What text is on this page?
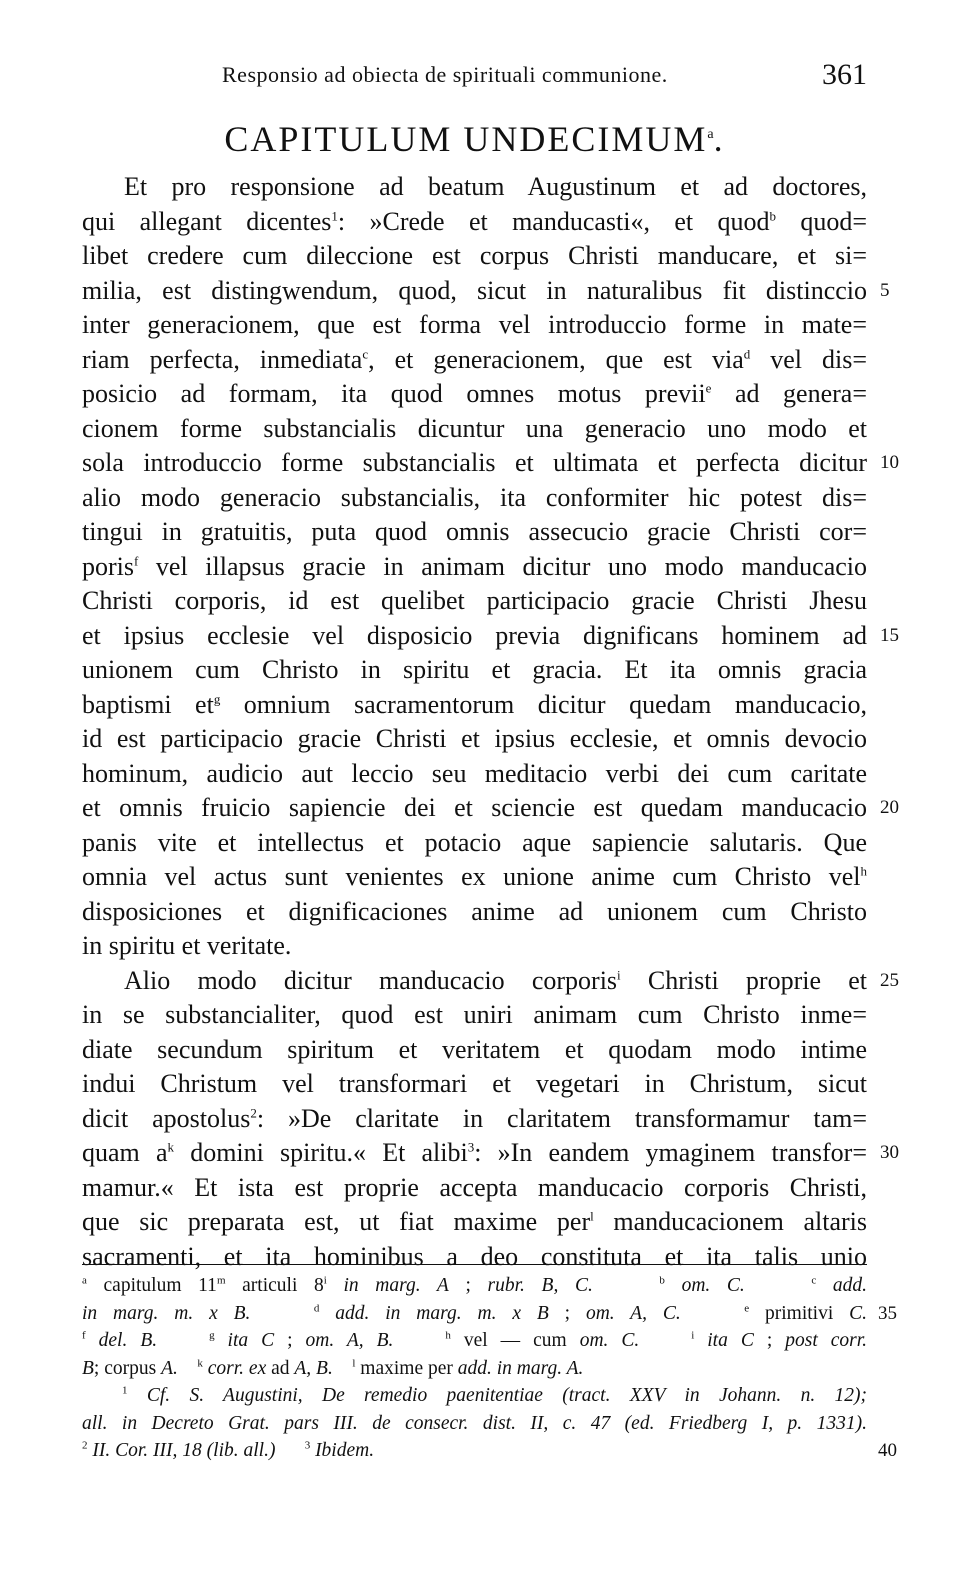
Responsio ad obiecta de spirituali communione.	361
CAPITULUM UNDECIMUM$^a$.
Et pro responsione ad beatum Augustinum et ad doctores,
qui allegant dicentes$^1$: »Crede et manducasti«, et quod$^b$ quod=
libet credere cum dileccione est corpus Christi manducare, et si=
milia, est distingwendum, quod, sicut in naturalibus fit distinccio 5
inter generacionem, que est forma vel introduccio forme in mate=
riam perfecta, inmediata$^c$, et generacionem, que est via$^d$ vel dis=
posicio ad formam, ita quod omnes motus previi$^e$ ad genera=
cionem forme substancialis dicuntur una generacio uno modo et
sola introduccio forme substancialis et ultimata et perfecta dicitur 10
alio modo generacio substancialis, ita conformiter hic potest dis=
tingui in gratuitis, puta quod omnis assecucio gracie Christi cor=
poris$^f$ vel illapsus gracie in animam dicitur uno modo manducacio
Christi corporis, id est quelibet participacio gracie Christi Jhesu
et ipsius ecclesie vel disposicio previa dignificans hominem ad 15
unionem cum Christo in spiritu et gracia. Et ita omnis gracia
baptismi $et^g$ omnium sacramentorum dicitur quedam manducacio,
id est participacio gracie Christi et ipsius ecclesie, et omnis devocio
hominum, audicio aut leccio seu meditacio verbi dei cum caritate
et omnis fruicio sapiencie dei et sciencie est quedam manducacio 20
panis vite et intellectus et potacio aque sapiencie salutaris. Que
omnia vel actus sunt venientes ex unione anime cum Christo vel$^h$
disposiciones et dignificaciones anime ad unionem cum Christo
in spiritu et veritate.
Alio modo dicitur manducacio corporis$^i$ Christi proprie et 25
in se substancialiter, quod est uniri animam cum Christo inme=
diate secundum spiritum et veritatem et quodam modo intime
indui Christum vel transformari et vegetari in Christum, sicut
dicit apostolus$^2$: »De claritate in claritatem transformamur tam=
quam $a^k$ domini spiritu.« Et alibi$^3$: »In eandem ymaginem transfor= 30
mamur.« Et ista est proprie accepta manducacio corporis Christi,
que sic preparata est, ut fiat maxime per$^l$ manducacionem altaris
sacramenti, et ita hominibus a deo constituta et ita talis unio
$^a$ capitulum 11$^m$ articuli 8$^i$ in marg. A ; rubr. B, C.	$^b$ om. C.	$^c$ add.
in marg. m. x B.	$^d$ add. in marg. m. x B ; om. A, C.	$^e$ primitivi C. 35
$^f$ del. B.	$^g$ ita C ; om. A, B.	$^h$ vel — cum om. C.	$^i$ ita C ; post corr.
B; corpus A. $^k$ corr. ex ad A, B. $^l$ maxime per add. in marg. A.
$^1$ Cf. S. Augustini, De remedio paenitentiae (tract. XXV in Johann. n. 12);
all. in Decreto Grat. pars III. de consecr. dist. II, c. 47 (ed. Friedberg I, p. 1331).
$^2$ II. Cor. III, 18 (lib. all.)	$^3$ Ibidem.	40
